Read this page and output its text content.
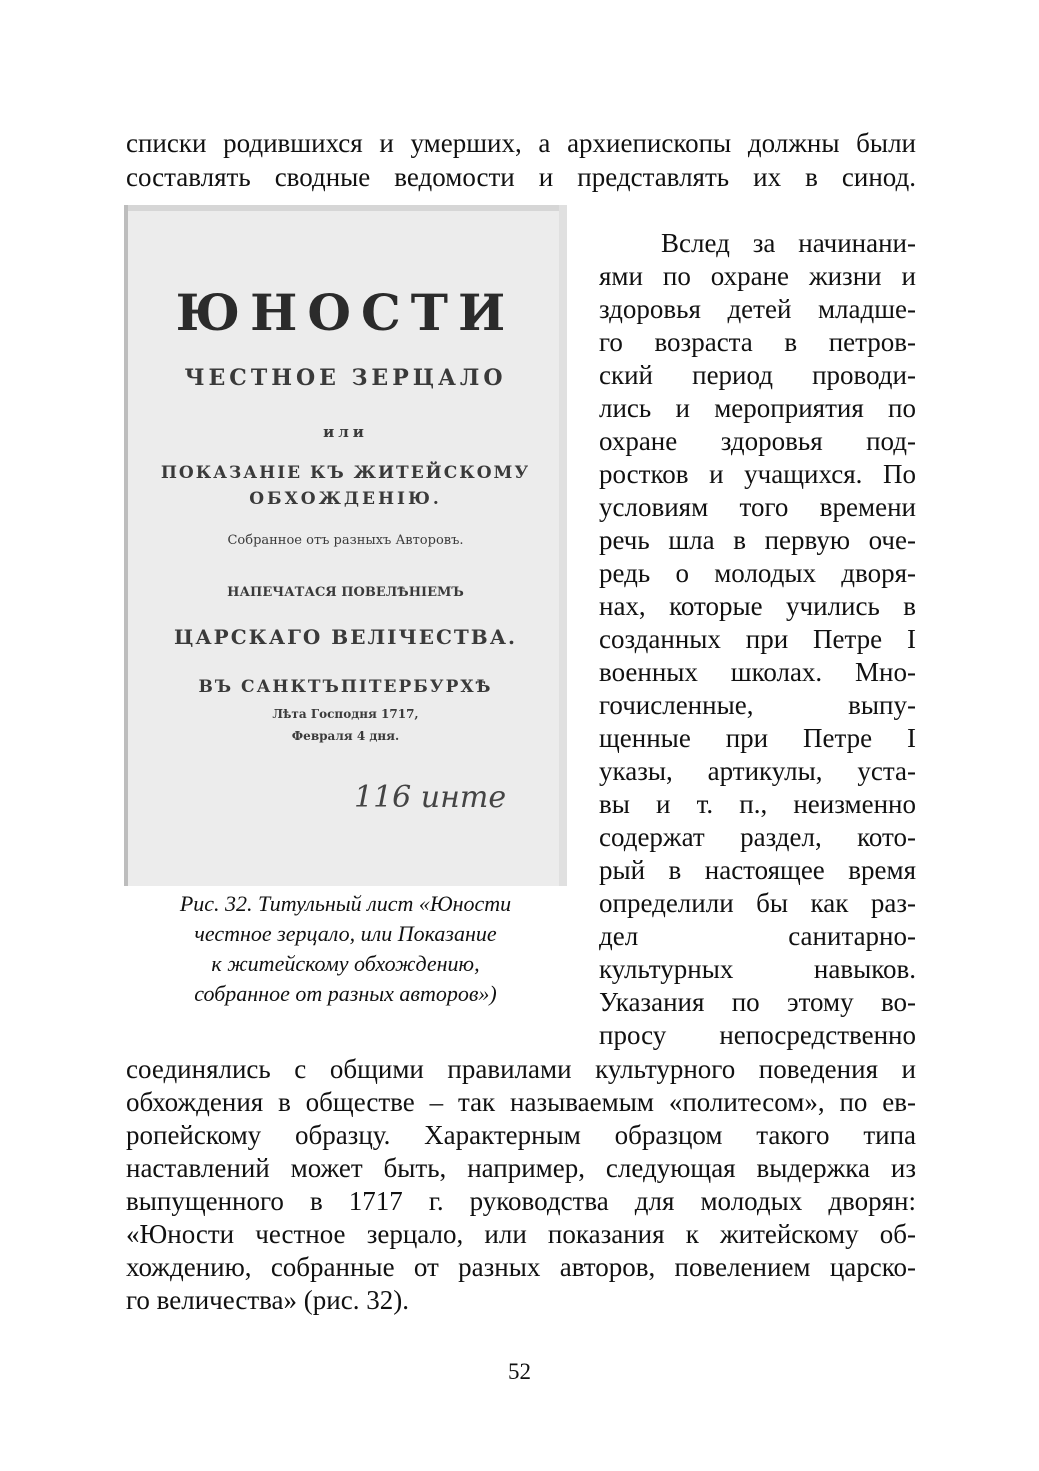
списки родившихся и умерших, а архиепископы должны были
составлять сводные ведомости и представлять их в синод.
ЮНОСТИ
ЧЕСТНОЕ ЗЕРЦАЛО
или
ПОКАЗАНІЕ КЪ ЖИТЕЙСКОМУ
ОБХОЖДЕНІЮ.
Собранное отъ разныхъ Авторовъ.
НАПЕЧАТАСЯ ПОВЕЛѢНІЕМЪ
ЦАРСКАГО ВЕЛІЧЕСТВА.
ВЪ САНКТЪПІТЕРБУРХѢ
Лѣта Господня 1717,
Февраля 4 дня.
116 инте
Рис. 32. Титульный лист «Юности
честное зерцало, или Показание
к житейскому обхождению,
собранное от разных авторов»)
Вслед за начинани-
ями по охране жизни и
здоровья детей младше-
го возраста в петров-
ский период проводи-
лись и мероприятия по
охране здоровья под-
ростков и учащихся. По
условиям того времени
речь шла в первую оче-
редь о молодых дворя-
нах, которые учились в
созданных при Петре I
военных школах. Мно-
гочисленные, выпу-
щенные при Петре I
указы, артикулы, уста-
вы и т. п., неизменно
содержат раздел, кото-
рый в настоящее время
определили бы как раз-
дел санитарно-
культурных навыков.
Указания по этому во-
просу непосредственно
соединялись с общими правилами культурного поведения и
обхождения в обществе – так называемым «политесом», по ев-
ропейскому образцу. Характерным образцом такого типа
наставлений может быть, например, следующая выдержка из
выпущенного в 1717 г. руководства для молодых дворян:
«Юности честное зерцало, или показания к житейскому об-
хождению, собранные от разных авторов, повелением царско-
го величества» (рис. 32).
52
